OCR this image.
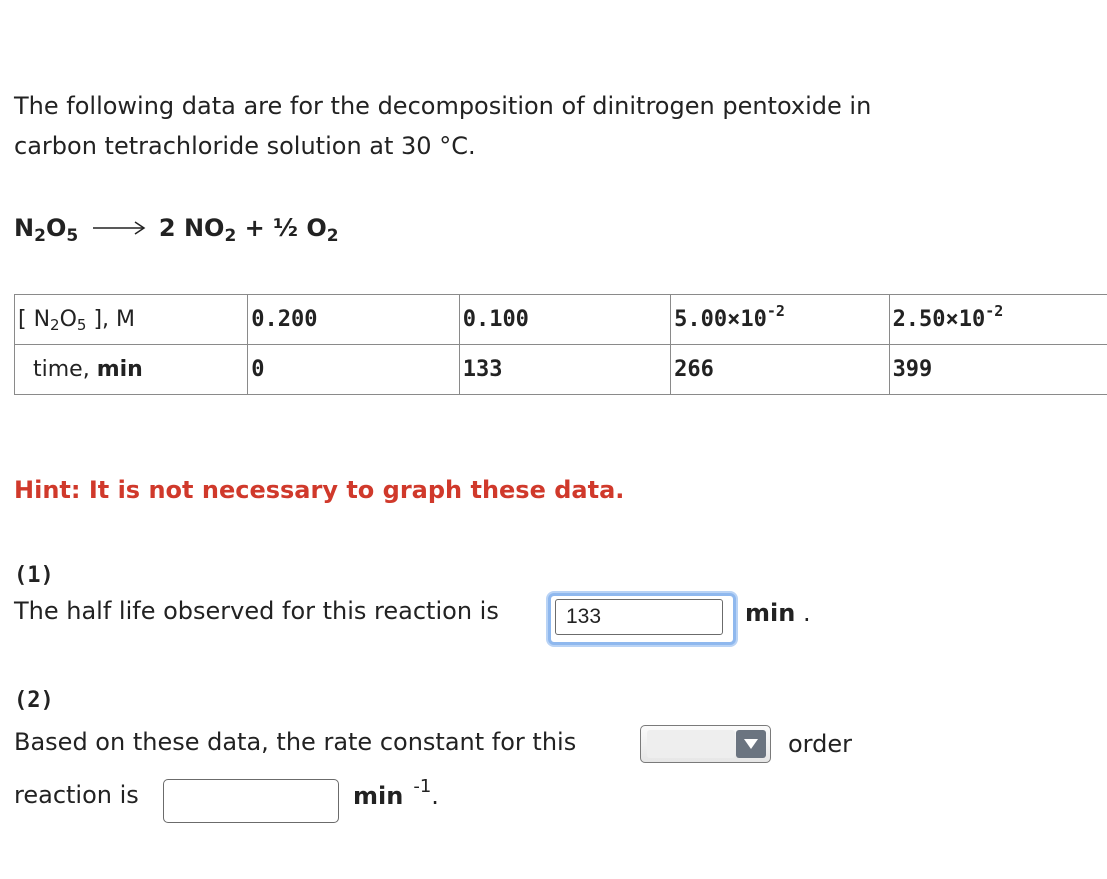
The following data are for the decomposition of dinitrogen pentoxide in
carbon tetrachloride solution at 30 °C.
$N_2O_5 \to 2$ $NO_2$ + ½ $O_2$
[ $N_2O_5$ ], M	0.200	0.100	$5.00\times 10^{-2}$	$2.50\times 10^{-2}$
time, min	0	133	266	399
Hint: It is not necessary to graph these data.
(1)
The half life observed for this reaction is
133	min .
(2)
Based on these data, the rate constant for this	order
reaction is	min $^{-1}$.
